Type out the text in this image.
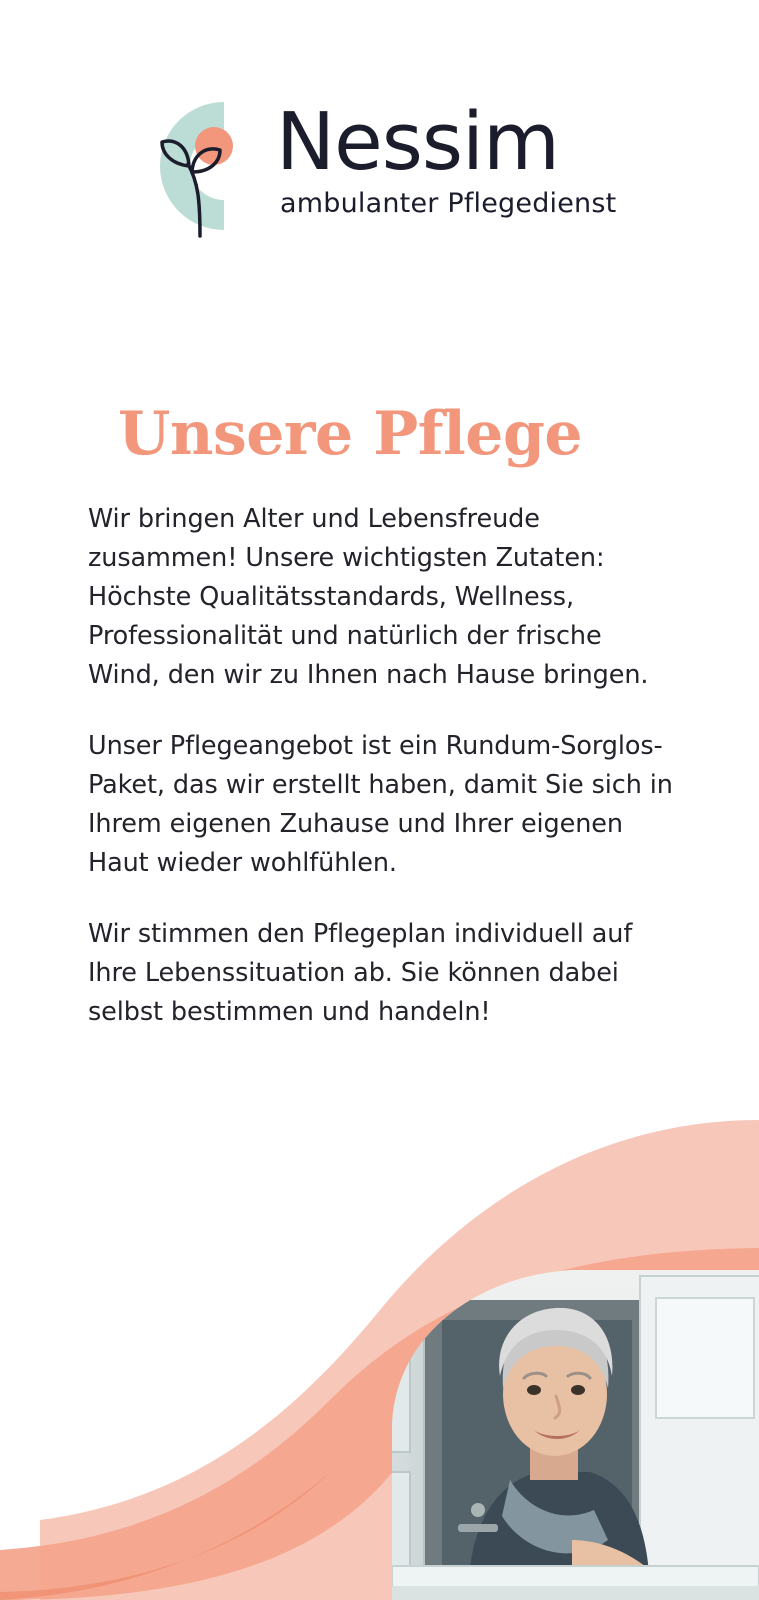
Nessim
ambulanter Pflegedienst
Unsere Pflege

Wir bringen Alter und Lebensfreude zusammen! Unsere wichtigsten Zutaten: Höchste Qualitätsstandards, Wellness, Professionalität und natürlich der frische Wind, den wir zu Ihnen nach Hause bringen.

Unser Pflegeangebot ist ein Rundum-Sorglos-Paket, das wir erstellt haben, damit Sie sich in Ihrem eigenen Zuhause und Ihrer eigenen Haut wieder wohlfühlen.

Wir stimmen den Pflegeplan individuell auf Ihre Lebenssituation ab. Sie können dabei selbst bestimmen und handeln!
